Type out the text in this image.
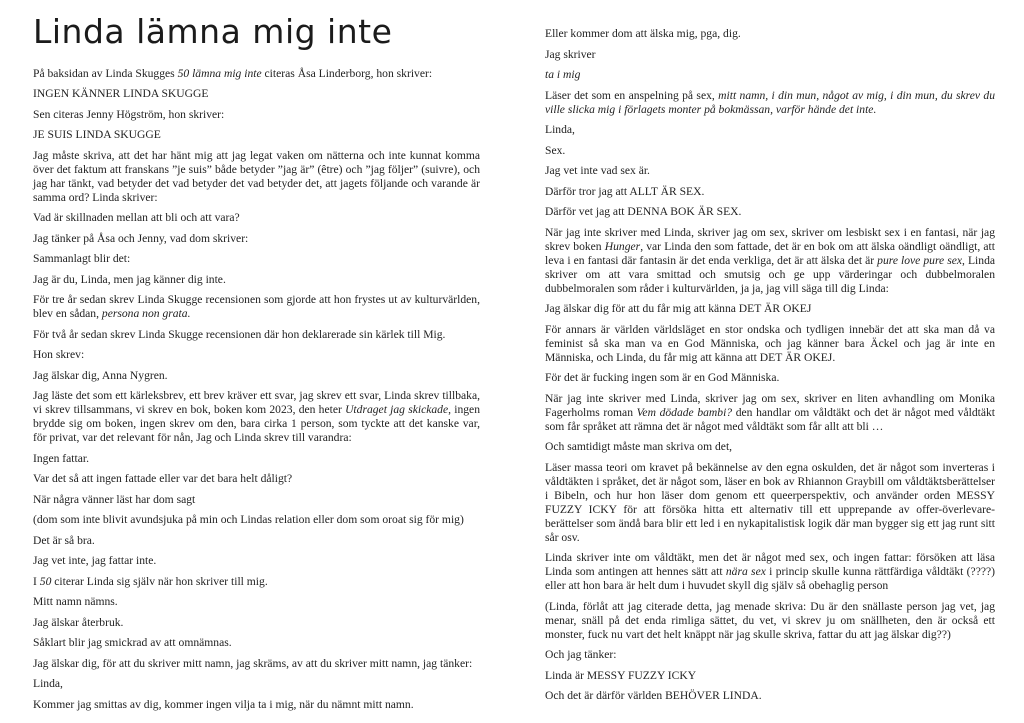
Linda lämna mig inte

På baksidan av Linda Skugges 50 lämna mig inte citeras Åsa Linderborg, hon skriver:

INGEN KÄNNER LINDA SKUGGE

Sen citeras Jenny Högström, hon skriver:

JE SUIS LINDA SKUGGE

Jag måste skriva, att det har hänt mig att jag legat vaken om nätterna och inte kunnat komma över det faktum att franskans ”je suis” både betyder ”jag är” (être) och ”jag följer” (suivre), och jag har tänkt, vad betyder det vad betyder det vad betyder det, att jagets följande och varande är samma ord? Linda skriver:

Vad är skillnaden mellan att bli och att vara?

Jag tänker på Åsa och Jenny, vad dom skriver:

Sammanlagt blir det:

Jag är du, Linda, men jag känner dig inte.

För tre år sedan skrev Linda Skugge recensionen som gjorde att hon frystes ut av kulturvärlden, blev en sådan, persona non grata.

För två år sedan skrev Linda Skugge recensionen där hon deklarerade sin kärlek till Mig.

Hon skrev:

Jag älskar dig, Anna Nygren.

Jag läste det som ett kärleksbrev, ett brev kräver ett svar, jag skrev ett svar, Linda skrev tillbaka, vi skrev tillsammans, vi skrev en bok, boken kom 2023, den heter Utdraget jag skickade, ingen brydde sig om boken, ingen skrev om den, bara cirka 1 person, som tyckte att det kanske var, för privat, var det relevant för nån, Jag och Linda skrev till varandra:

Ingen fattar.

Var det så att ingen fattade eller var det bara helt dåligt?

När några vänner läst har dom sagt

(dom som inte blivit avundsjuka på min och Lindas relation eller dom som oroat sig för mig)

Det är så bra.

Jag vet inte, jag fattar inte.

I 50 citerar Linda sig själv när hon skriver till mig.

Mitt namn nämns.

Jag älskar återbruk.

Såklart blir jag smickrad av att omnämnas.

Jag älskar dig, för att du skriver mitt namn, jag skräms, av att du skriver mitt namn, jag tänker:

Linda,

Kommer jag smittas av dig, kommer ingen vilja ta i mig, när du nämnt mitt namn.

Eller kommer dom att älska mig, pga, dig.

Jag skriver

ta i mig

Läser det som en anspelning på sex, mitt namn, i din mun, något av mig, i din mun, du skrev du ville slicka mig i förlagets monter på bokmässan, varför hände det inte.

Linda,

Sex.

Jag vet inte vad sex är.

Därför tror jag att ALLT ÄR SEX.

Därför vet jag att DENNA BOK ÄR SEX.

När jag inte skriver med Linda, skriver jag om sex, skriver om lesbiskt sex i en fantasi, när jag skrev boken Hunger, var Linda den som fattade, det är en bok om att älska oändligt oändligt, att leva i en fantasi där fantasin är det enda verkliga, det är att älska det är pure love pure sex, Linda skriver om att vara smittad och smutsig och ge upp värderingar och dubbelmoralen dubbelmoralen som råder i kulturvärlden, ja ja, jag vill säga till dig Linda:

Jag älskar dig för att du får mig att känna DET ÄR OKEJ

För annars är världen världsläget en stor ondska och tydligen innebär det att ska man då va feminist så ska man va en God Människa, och jag känner bara Äckel och jag är inte en Människa, och Linda, du får mig att känna att DET ÄR OKEJ.

För det är fucking ingen som är en God Människa.

När jag inte skriver med Linda, skriver jag om sex, skriver en liten avhandling om Monika Fagerholms roman Vem dödade bambi? den handlar om våldtäkt och det är något med våldtäkt som får språket att rämna det är något med våldtäkt som får allt att bli …

Och samtidigt måste man skriva om det,

Läser massa teori om kravet på bekännelse av den egna oskulden, det är något som inverteras i våldtäkten i språket, det är något som, läser en bok av Rhiannon Graybill om våldtäktsberättelser i Bibeln, och hur hon läser dom genom ett queerperspektiv, och använder orden MESSY FUZZY ICKY för att försöka hitta ett alternativ till ett upprepande av offer-överlevare-berättelser som ändå bara blir ett led i en nykapitalistisk logik där man bygger sig ett jag runt sitt sår osv.

Linda skriver inte om våldtäkt, men det är något med sex, och ingen fattar: försöken att läsa Linda som antingen att hennes sätt att nära sex i princip skulle kunna rättfärdiga våldtäkt (????) eller att hon bara är helt dum i huvudet skyll dig själv så obehaglig person

(Linda, förlåt att jag citerade detta, jag menade skriva: Du är den snällaste person jag vet, jag menar, snäll på det enda rimliga sättet, du vet, vi skrev ju om snällheten, den är också ett monster, fuck nu vart det helt knäppt när jag skulle skriva, fattar du att jag älskar dig??)

Och jag tänker:

Linda är MESSY FUZZY ICKY

Och det är därför världen BEHÖVER LINDA.
